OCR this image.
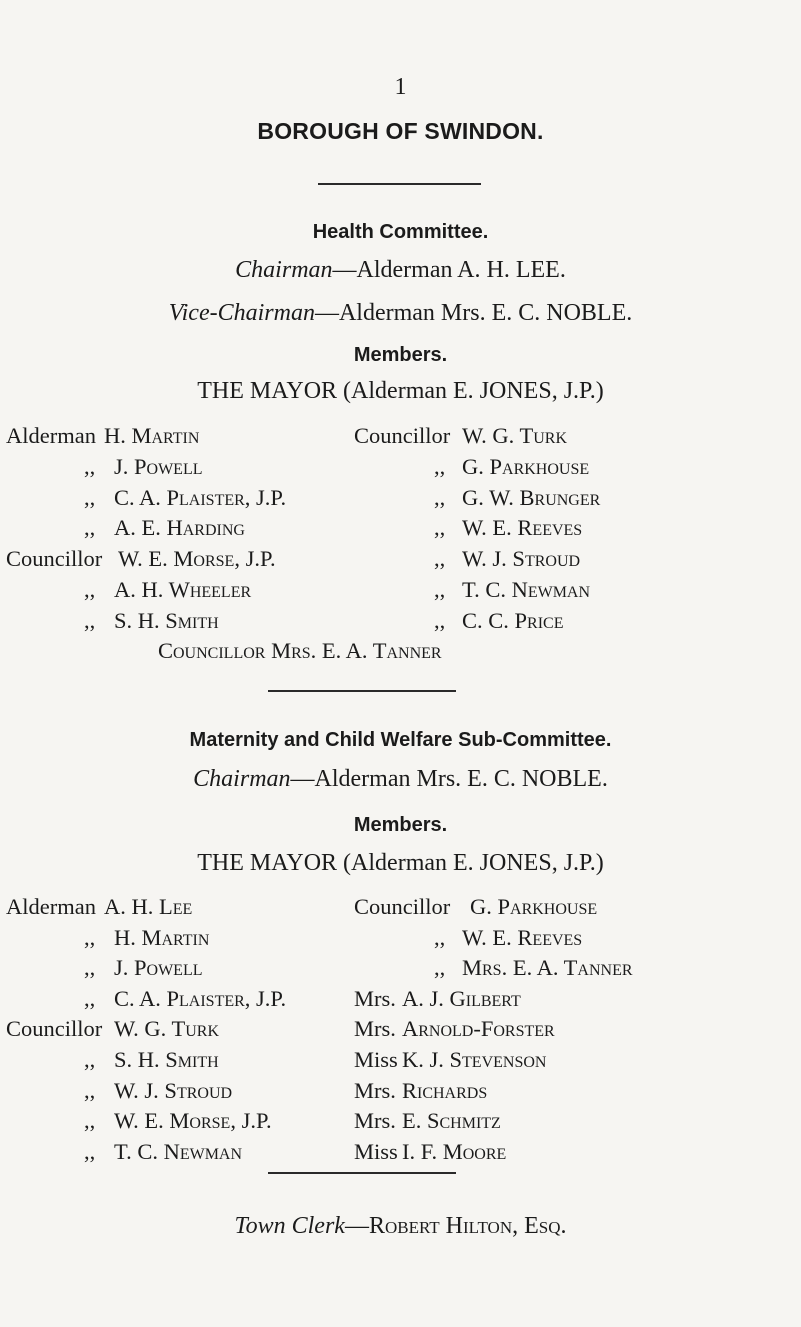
1
BOROUGH OF SWINDON.
Health Committee.
Chairman—Alderman A. H. LEE.
Vice-Chairman—Alderman Mrs. E. C. NOBLE.
Members.
THE MAYOR (Alderman E. JONES, J.P.)
Alderman H. Martin
,, J. Powell
,, C. A. Plaister, J.P.
,, A. E. Harding
Councillor W. E. Morse, J.P.
,, A. H. Wheeler
,, S. H. Smith
Councillor W. G. Turk
,, G. Parkhouse
,, G. W. Brunger
,, W. E. Reeves
,, W. J. Stroud
,, T. C. Newman
,, C. C. Price
Councillor Mrs. E. A. Tanner
Maternity and Child Welfare Sub-Committee.
Chairman—Alderman Mrs. E. C. NOBLE.
Members.
THE MAYOR (Alderman E. JONES, J.P.)
Alderman A. H. Lee
,, H. Martin
,, J. Powell
,, C. A. Plaister, J.P.
Councillor W. G. Turk
,, S. H. Smith
,, W. J. Stroud
,, W. E. Morse, J.P.
,, T. C. Newman
Councillor G. Parkhouse
,, W. E. Reeves
,, Mrs. E. A. Tanner
Mrs. A. J. Gilbert
Mrs. Arnold-Forster
Miss K. J. Stevenson
Mrs. Richards
Mrs. E. Schmitz
Miss I. F. Moore
Town Clerk—Robert Hilton, Esq.
